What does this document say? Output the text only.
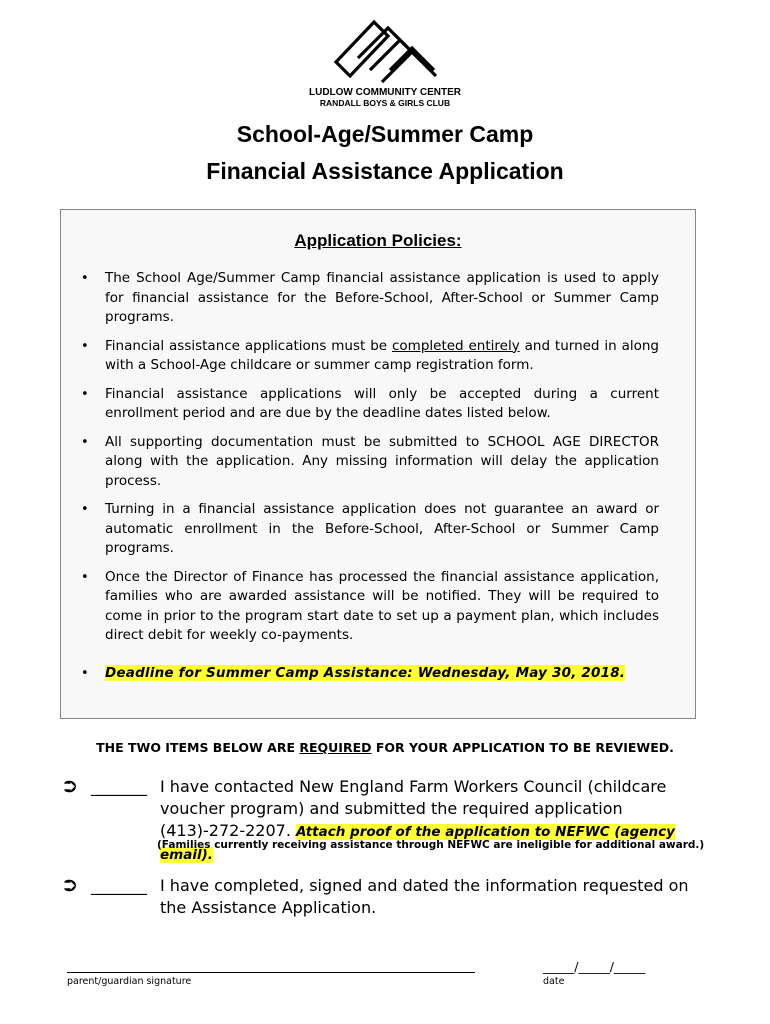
LUDLOW COMMUNITY CENTER
RANDALL BOYS & GIRLS CLUB
School-Age/Summer Camp
Financial Assistance Application
Application Policies:
• The School Age/Summer Camp financial assistance application is used to apply for financial assistance for the Before-School, After-School or Summer Camp programs.
• Financial assistance applications must be completed entirely and turned in along with a School-Age childcare or summer camp registration form.
• Financial assistance applications will only be accepted during a current enrollment period and are due by the deadline dates listed below.
• All supporting documentation must be submitted to SCHOOL AGE DIRECTOR along with the application. Any missing information will delay the application process.
• Turning in a financial assistance application does not guarantee an award or automatic enrollment in the Before-School, After-School or Summer Camp programs.
• Once the Director of Finance has processed the financial assistance application, families who are awarded assistance will be notified. They will be required to come in prior to the program start date to set up a payment plan, which includes direct debit for weekly co-payments.
• Deadline for Summer Camp Assistance: Wednesday, May 30, 2018.
THE TWO ITEMS BELOW ARE REQUIRED FOR YOUR APPLICATION TO BE REVIEWED.
⮊ _______ I have contacted New England Farm Workers Council (childcare voucher program) and submitted the required application (413)-272-2207. Attach proof of the application to NEFWC (agency email).
(Families currently receiving assistance through NEFWC are ineligible for additional award.)
⮊ _______ I have completed, signed and dated the information requested on the Assistance Application.
parent/guardian signature
_____/_____/_____
date
